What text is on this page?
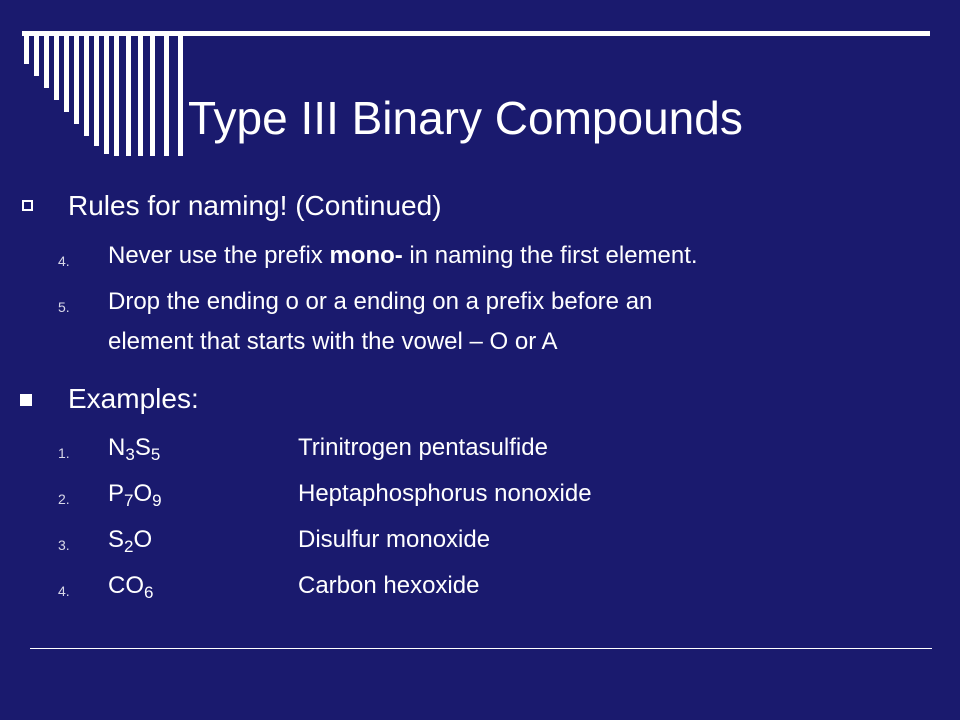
Type III Binary Compounds
Rules for naming! (Continued)
4. Never use the prefix mono- in naming the first element.
5. Drop the ending o or a ending on a prefix before an
element that starts with the vowel – O or A
Examples:
1. $N_3S_5$	Trinitrogen pentasulfide
2. $P_7O_9$	Heptaphosphorus nonoxide
3. $S_2O$	Disulfur monoxide
4. $CO_6$	Carbon hexoxide
